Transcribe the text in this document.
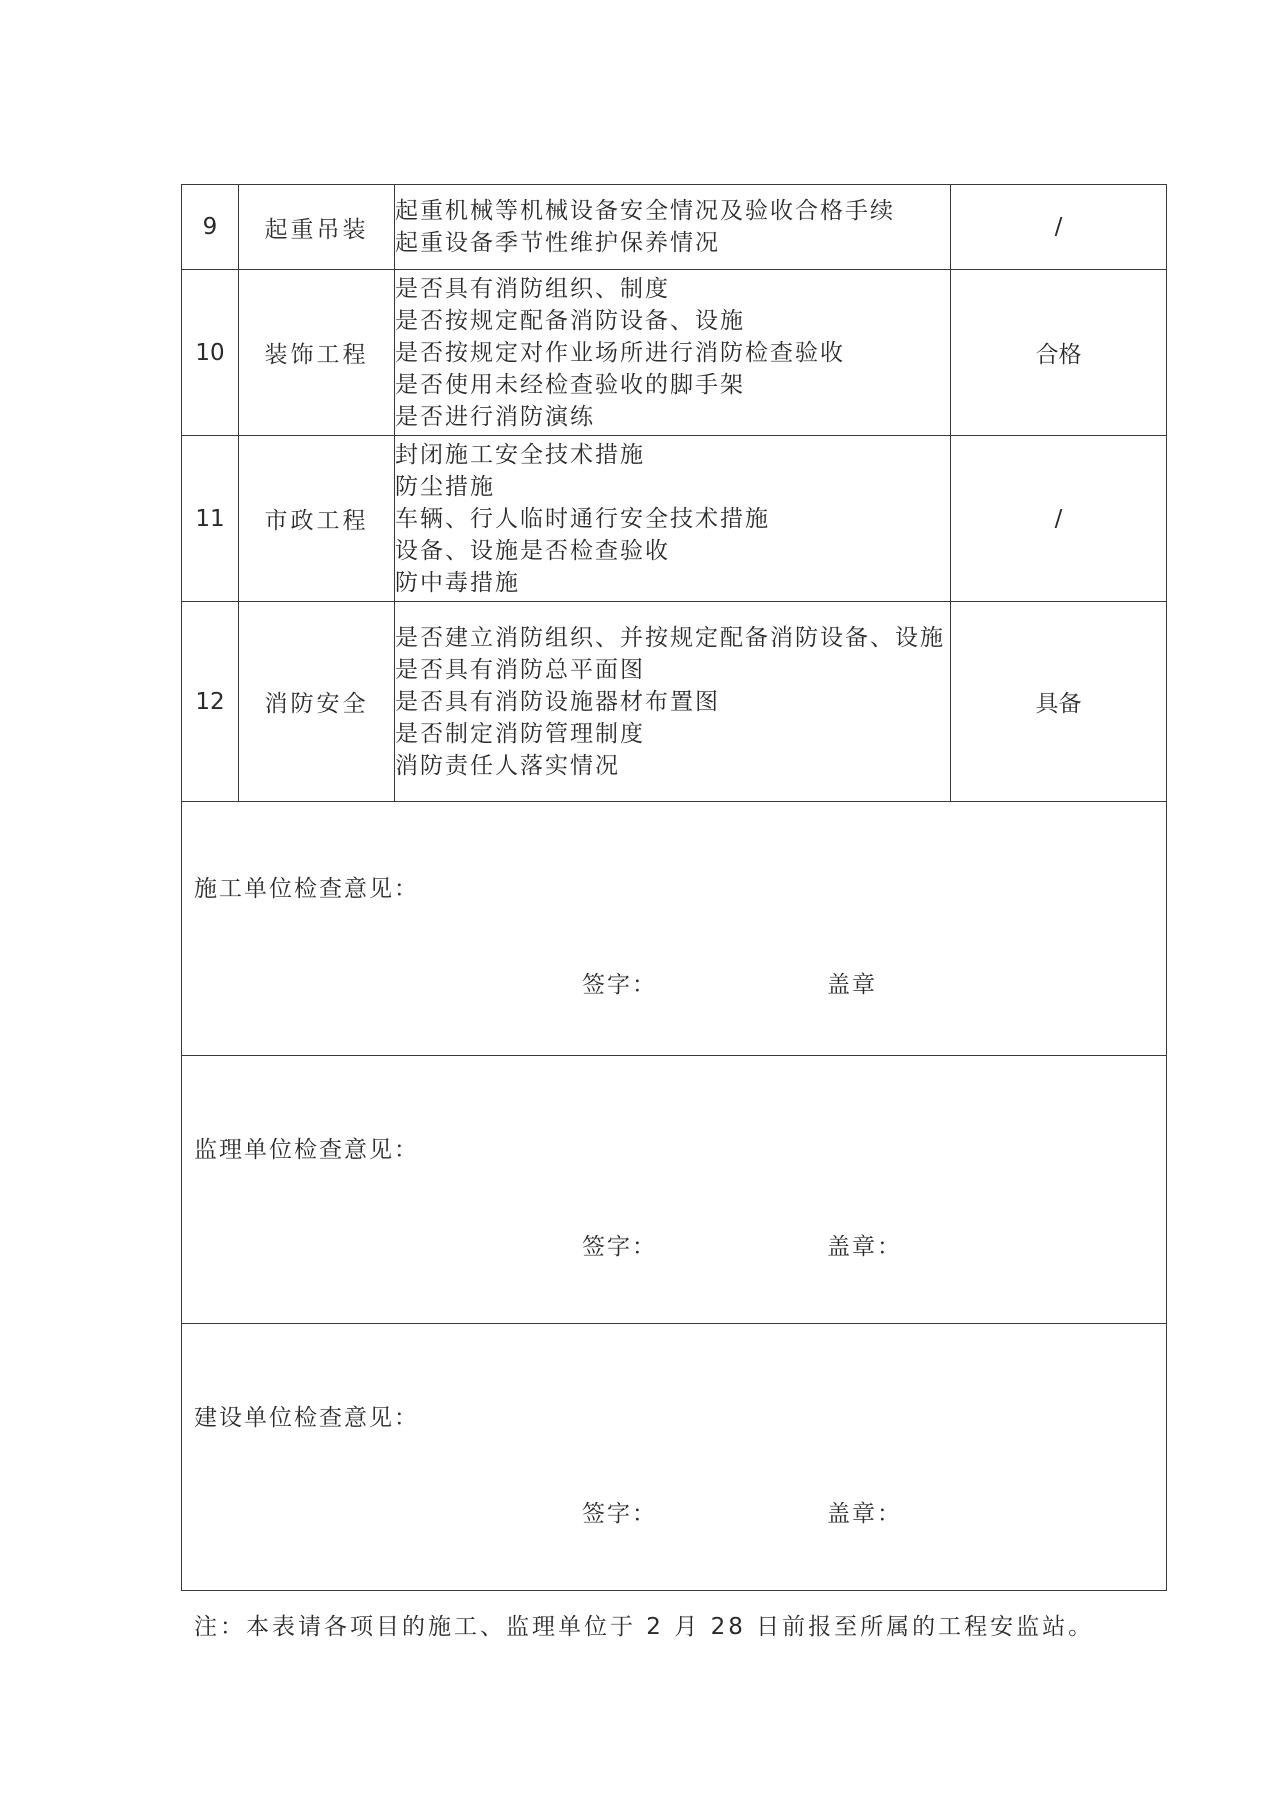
9	起重吊装	起重机械等机械设备安全情况及验收合格手续
起重设备季节性维护保养情况	/
10	装饰工程	是否具有消防组织、制度
是否按规定配备消防设备、设施
是否按规定对作业场所进行消防检查验收
是否使用未经检查验收的脚手架
是否进行消防演练	合格
11	市政工程	封闭施工安全技术措施
防尘措施
车辆、行人临时通行安全技术措施
设备、设施是否检查验收
防中毒措施	/
12	消防安全	是否建立消防组织、并按规定配备消防设备、设施
是否具有消防总平面图
是否具有消防设施器材布置图
是否制定消防管理制度
消防责任人落实情况	具备

施工单位检查意见：
签字： 盖章			

监理单位检查意见：
签字： 盖章：			

建设单位检查意见：
签字： 盖章：			
注：本表请各项目的施工、监理单位于 2 月 28 日前报至所属的工程安监站。
